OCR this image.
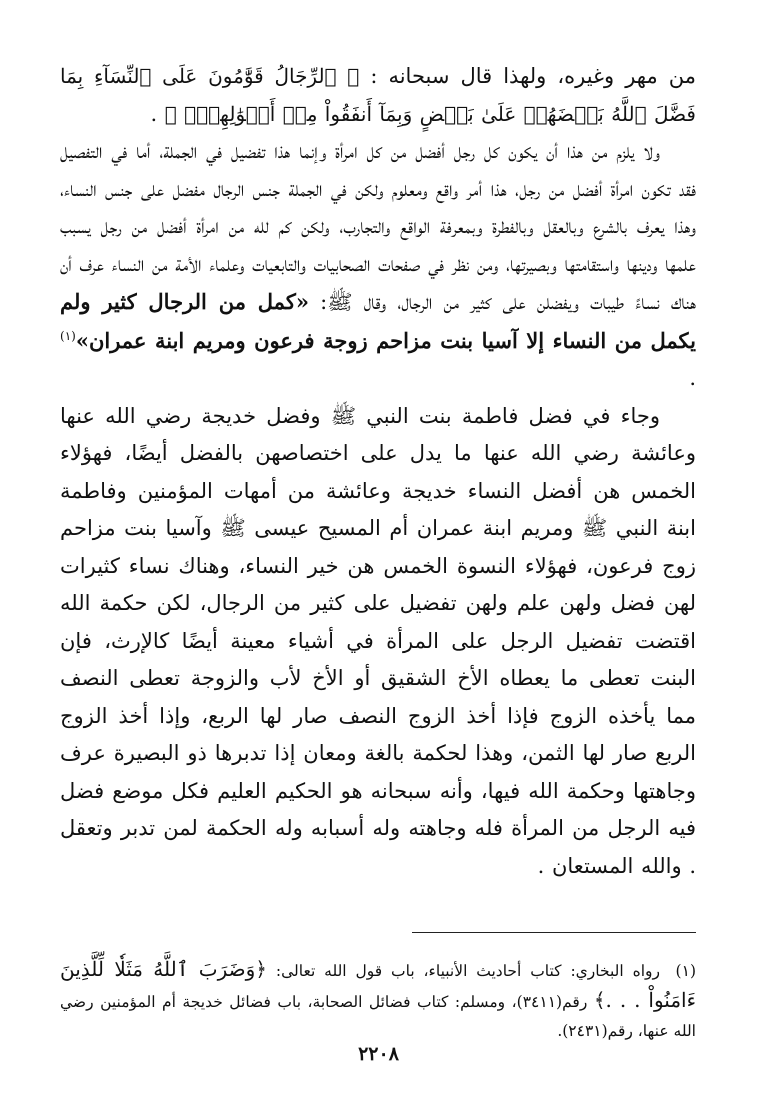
من مهر وغيره، ولهذا قال سبحانه : ﴿ ٱلرِّجَالُ قَوَّٰمُونَ عَلَى ٱلنِّسَآءِ بِمَا فَضَّلَ ٱللَّهُ بَعۡضَهُمۡ عَلَىٰ بَعۡضٍ وَبِمَآ أَنفَقُواْ مِنۡ أَمۡوَٰلِهِمۡۚ ﴾ .

ولا يلزم من هذا أن يكون كل رجل أفضل من كل امرأة وإنما هذا تفضيل في الجملة، أما في التفصيل فقد تكون امرأة أفضل من رجل، هذا أمر واقع ومعلوم ولكن في الجملة جنس الرجال مفضل على جنس النساء، وهذا يعرف بالشرع وبالعقل وبالفطرة وبمعرفة الواقع والتجارب، ولكن كم لله من امرأة أفضل من رجل يسبب علمها ودينها واستقامتها وبصيرتها، ومن نظر في صفحات الصحابيات والتابعيات وعلماء الأمة من النساء عرف أن هناك نساءً طيبات ويفضلن على كثير من الرجال، وقال ﷺ: «كمل من الرجال كثير ولم يكمل من النساء إلا آسيا بنت مزاحم زوجة فرعون ومريم ابنة عمران»$^{(١)}$ .

وجاء في فضل فاطمة بنت النبي ﷺ وفضل خديجة رضي الله عنها وعائشة رضي الله عنها ما يدل على اختصاصهن بالفضل أيضًا، فهؤلاء الخمس هن أفضل النساء خديجة وعائشة من أمهات المؤمنين وفاطمة ابنة النبي ﷺ ومريم ابنة عمران أم المسيح عيسى ﷺ وآسيا بنت مزاحم زوج فرعون، فهؤلاء النسوة الخمس هن خير النساء، وهناك نساء كثيرات لهن فضل ولهن علم ولهن تفضيل على كثير من الرجال، لكن حكمة الله اقتضت تفضيل الرجل على المرأة في أشياء معينة أيضًا كالإرث، فإن البنت تعطى ما يعطاه الأخ الشقيق أو الأخ لأب والزوجة تعطى النصف مما يأخذه الزوج فإذا أخذ الزوج النصف صار لها الربع، وإذا أخذ الزوج الربع صار لها الثمن، وهذا لحكمة بالغة ومعان إذا تدبرها ذو البصيرة عرف وجاهتها وحكمة الله فيها، وأنه سبحانه هو الحكيم العليم فكل موضع فضل فيه الرجل من المرأة فله وجاهته وله أسبابه وله الحكمة لمن تدبر وتعقل . والله المستعان .

(١)رواه البخاري: كتاب أحاديث الأنبياء، باب قول الله تعالى: ﴿وَضَرَبَ ٱللَّهُ مَثَلٗا لِّلَّذِينَ ءَامَنُواْ . . .﴾ رقم(٣٤١١)، ومسلم: كتاب فضائل الصحابة، باب فضائل خديجة أم المؤمنين رضي الله عنها، رقم(٢٤٣١).
٢٢٠٨
